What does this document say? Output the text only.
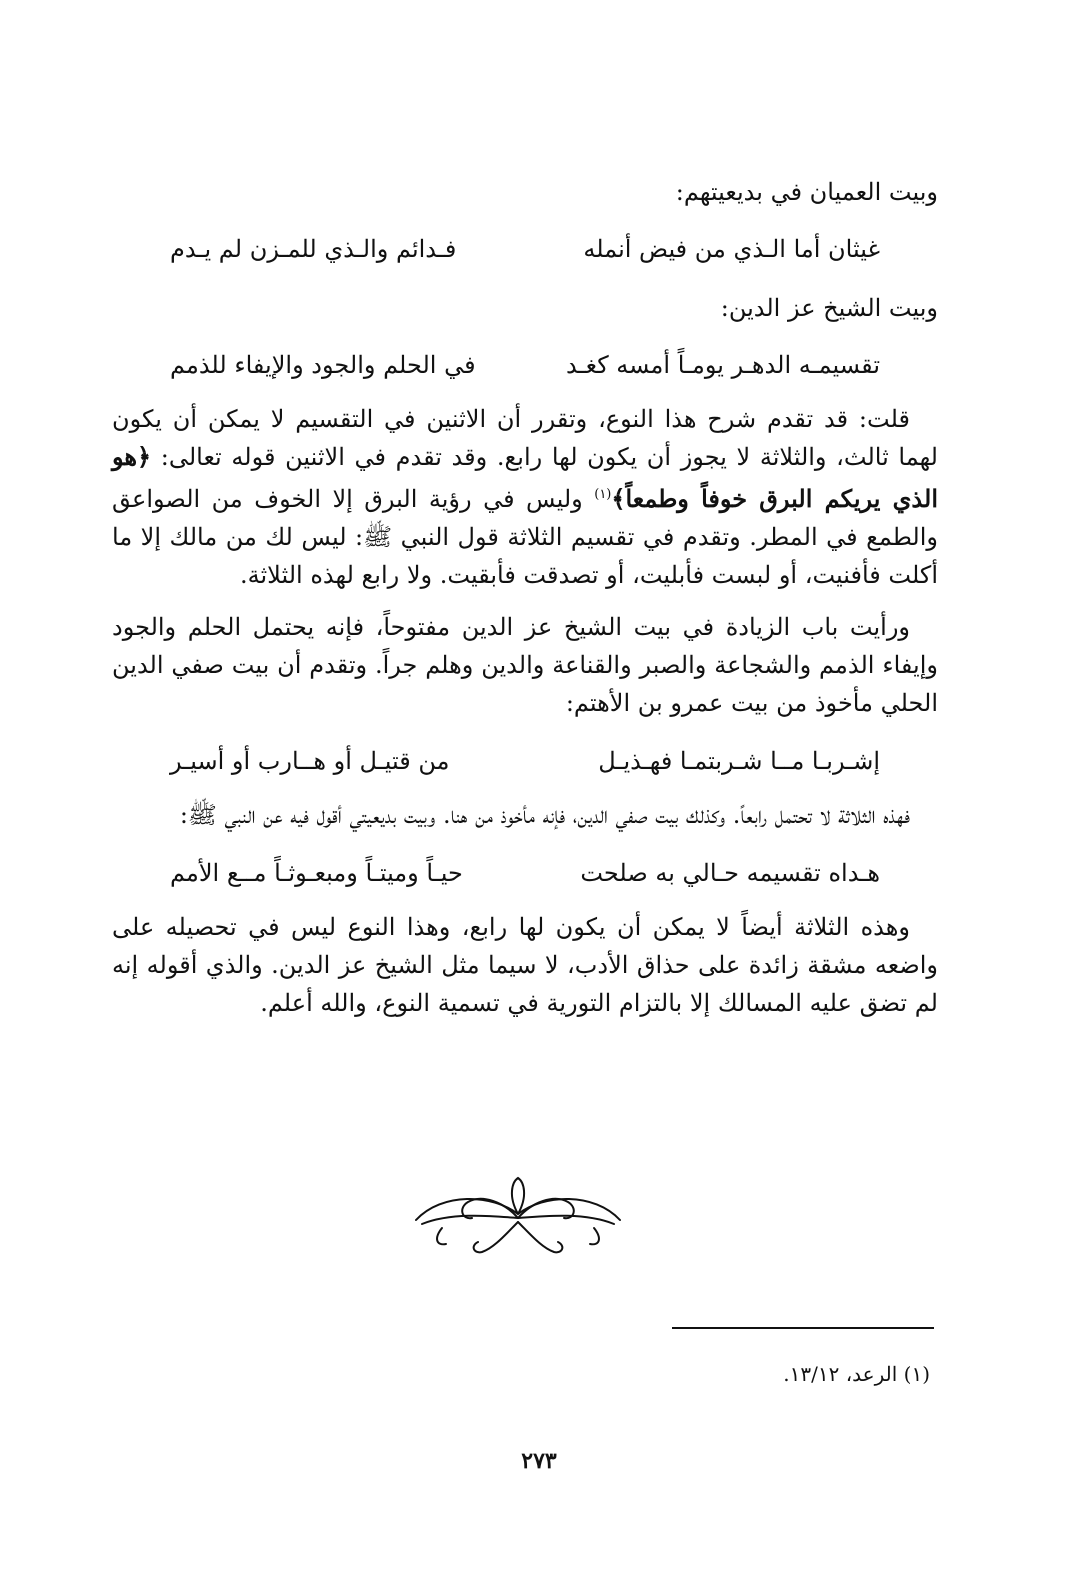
وبيت العميان في بديعيتهم:

غيثان أما الـذي من فيض أنمله
فـدائم والـذي للمـزن لم يـدم

وبيت الشيخ عز الدين:

تقسيمـه الدهـر يومـاً أمسه كغـد
في الحلم والجود والإيفاء للذمم

قلت: قد تقدم شرح هذا النوع، وتقرر أن الاثنين في التقسيم لا يمكن أن يكون لهما ثالث، والثلاثة لا يجوز أن يكون لها رابع. وقد تقدم في الاثنين قوله تعالى: ﴿هو الذي يريكم البرق خوفاً وطمعاً﴾$^{(١)}$ وليس في رؤية البرق إلا الخوف من الصواعق والطمع في المطر. وتقدم في تقسيم الثلاثة قول النبي ﷺ: ليس لك من مالك إلا ما أكلت فأفنيت، أو لبست فأبليت، أو تصدقت فأبقيت. ولا رابع لهذه الثلاثة.

ورأيت باب الزيادة في بيت الشيخ عز الدين مفتوحاً، فإنه يحتمل الحلم والجود وإيفاء الذمم والشجاعة والصبر والقناعة والدين وهلم جراً. وتقدم أن بيت صفي الدين الحلي مأخوذ من بيت عمرو بن الأهتم:

إشـربـا مــا شـربتمـا فهـذيـل
من قتيـل أو هــارب أو أسيـر

فهذه الثلاثة لا تحتمل رابعاً. وكذلك بيت صفي الدين، فإنه مأخوذ من هنا. وبيت بديعيتي أقول فيه عن النبي ﷺ:

هـداه تقسيمه حـالي به صلحت
حيـاً وميتـاً ومبعـوثـاً مــع الأمم

وهذه الثلاثة أيضاً لا يمكن أن يكون لها رابع، وهذا النوع ليس في تحصيله على واضعه مشقة زائدة على حذاق الأدب، لا سيما مثل الشيخ عز الدين. والذي أقوله إنه لم تضق عليه المسالك إلا بالتزام التورية في تسمية النوع، والله أعلم.

(١) الرعد، ١٣/١٢.
٢٧٣
